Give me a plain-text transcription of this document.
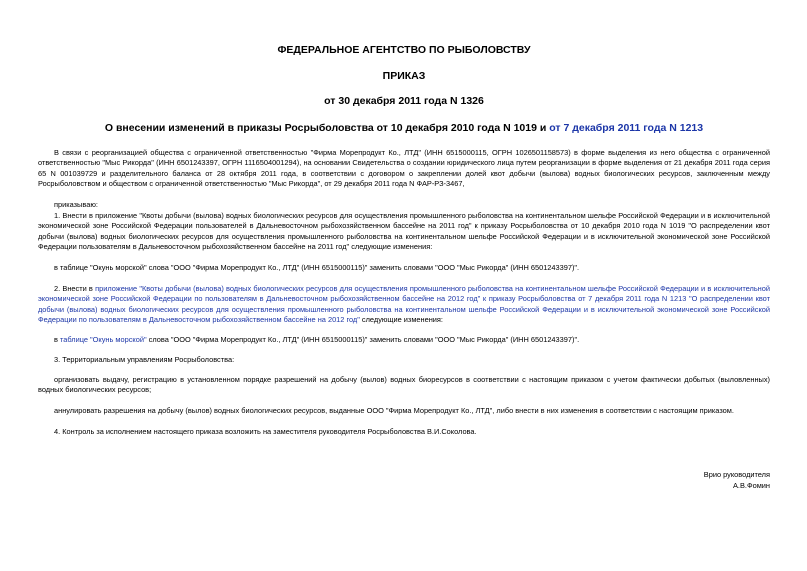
ФЕДЕРАЛЬНОЕ АГЕНТСТВО ПО РЫБОЛОВСТВУ
ПРИКАЗ
от 30 декабря 2011 года N 1326
О внесении изменений в приказы Росрыболовства от 10 декабря 2010 года N 1019 и от 7 декабря 2011 года N 1213
В связи с реорганизацией общества с ограниченной ответственностью "Фирма Морепродукт Ко., ЛТД" (ИНН 6515000115, ОГРН 1026501158573) в форме выделения из него общества с ограниченной ответственностью "Мыс Рикорда" (ИНН 6501243397, ОГРН 1116504001294), на основании Свидетельства о создании юридического лица путем реорганизации в форме выделения от 21 декабря 2011 года серия 65 N 001039729 и разделительного баланса от 28 октября 2011 года, в соответствии с договором о закреплении долей квот добычи (вылова) водных биологических ресурсов, заключенным между Росрыболовством и обществом с ограниченной ответственностью "Мыс Рикорда", от 29 декабря 2011 года N ФАР-РЗ-3467,
приказываю:
1. Внести в приложение "Квоты добычи (вылова) водных биологических ресурсов для осуществления промышленного рыболовства на континентальном шельфе Российской Федерации и в исключительной экономической зоне Российской Федерации пользователей в Дальневосточном рыбохозяйственном бассейне на 2011 год" к приказу Росрыболовства от 10 декабря 2010 года N 1019 "О распределении квот добычи (вылова) водных биологических ресурсов для осуществления промышленного рыболовства на континентальном шельфе Российской Федерации и в исключительной экономической зоне Российской Федерации пользователям в Дальневосточном рыбохозяйственном бассейне на 2011 год" следующие изменения:
в таблице "Окунь морской" слова "ООО "Фирма Морепродукт Ко., ЛТД" (ИНН 6515000115)" заменить словами "ООО "Мыс Рикорда" (ИНН 6501243397)".
2. Внести в приложение "Квоты добычи (вылова) водных биологических ресурсов для осуществления промышленного рыболовства на континентальном шельфе Российской Федерации и в исключительной экономической зоне Российской Федерации по пользователям в Дальневосточном рыбохозяйственном бассейне на 2012 год" к приказу Росрыболовства от 7 декабря 2011 года N 1213 "О распределении квот добычи (вылова) водных биологических ресурсов для осуществления промышленного рыболовства на континентальном шельфе Российской Федерации и в исключительной экономической зоне Российской Федерации по пользователям в Дальневосточном рыбохозяйственном бассейне на 2012 год" следующие изменения:
в таблице "Окунь морской" слова "ООО "Фирма Морепродукт Ко., ЛТД" (ИНН 6515000115)" заменить словами "ООО "Мыс Рикорда" (ИНН 6501243397)".
3. Территориальным управлениям Росрыболовства:
организовать выдачу, регистрацию в установленном порядке разрешений на добычу (вылов) водных биоресурсов в соответствии с настоящим приказом с учетом фактически добытых (выловленных) водных биологических ресурсов;
аннулировать разрешения на добычу (вылов) водных биологических ресурсов, выданные ООО "Фирма Морепродукт Ко., ЛТД", либо внести в них изменения в соответствии с настоящим приказом.
4. Контроль за исполнением настоящего приказа возложить на заместителя руководителя Росрыболовства В.И.Соколова.
Врио руководителя
А.В.Фомин
